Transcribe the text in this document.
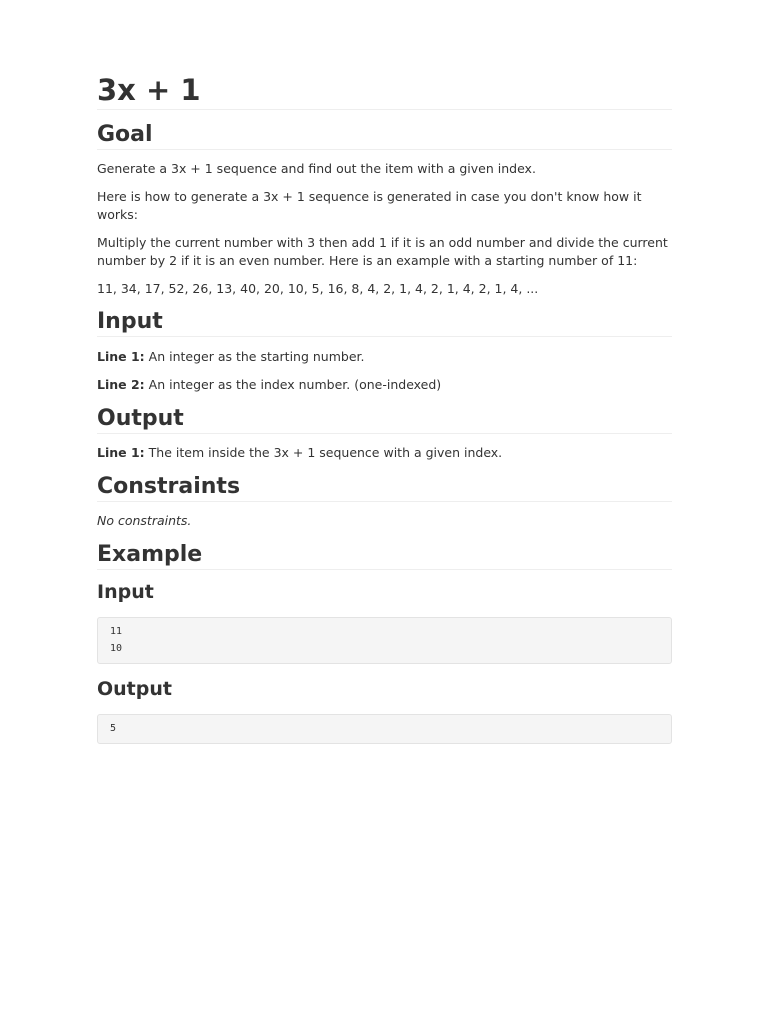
3x + 1
Goal

Generate a 3x + 1 sequence and find out the item with a given index.

Here is how to generate a 3x + 1 sequence is generated in case you don't know how it works:

Multiply the current number with 3 then add 1 if it is an odd number and divide the current number by 2 if it is an even number. Here is an example with a starting number of 11:

11, 34, 17, 52, 26, 13, 40, 20, 10, 5, 16, 8, 4, 2, 1, 4, 2, 1, 4, 2, 1, 4, ...

Input

Line 1: An integer as the starting number.

Line 2: An integer as the index number. (one-indexed)

Output

Line 1: The item inside the 3x + 1 sequence with a given index.

Constraints

No constraints.

Example
Input
11
10
Output
5
